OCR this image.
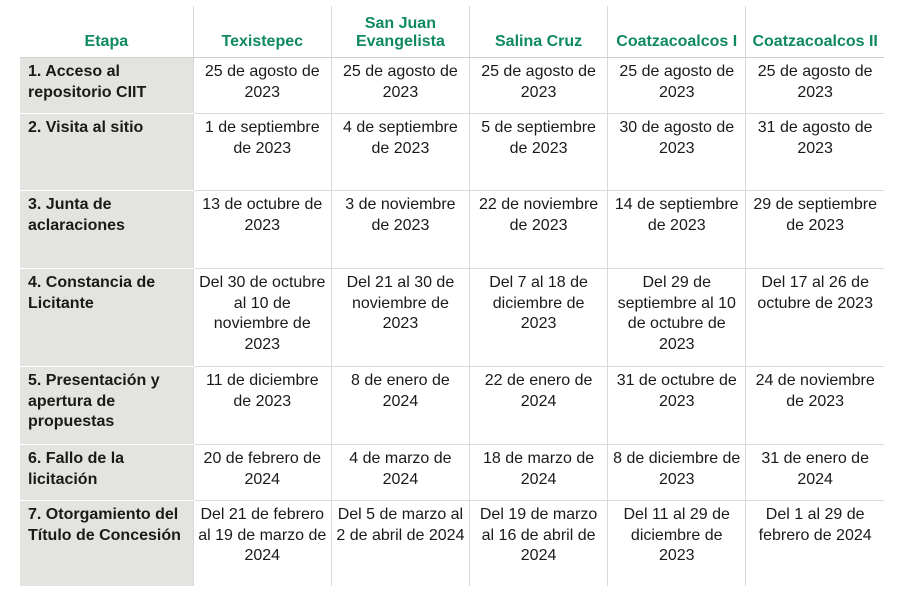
Etapa	Texistepec	San Juan Evangelista	Salina Cruz	Coatzacoalcos I	Coatzacoalcos II
1. Acceso al repositorio CIIT	25 de agosto de 2023	25 de agosto de 2023	25 de agosto de 2023	25 de agosto de 2023	25 de agosto de 2023
2. Visita al sitio	1 de septiembre de 2023	4 de septiembre de 2023	5 de septiembre de 2023	30 de agosto de 2023	31 de agosto de 2023
3. Junta de aclaraciones	13 de octubre de 2023	3 de noviembre de 2023	22 de noviembre de 2023	14 de septiembre de 2023	29 de septiembre de 2023
4. Constancia de Licitante	Del 30 de octubre al 10 de noviembre de 2023	Del 21 al 30 de noviembre de 2023	Del 7 al 18 de diciembre de 2023	Del 29 de septiembre al 10 de octubre de 2023	Del 17 al 26 de octubre de 2023
5. Presentación y apertura de propuestas	11 de diciembre de 2023	8 de enero de 2024	22 de enero de 2024	31 de octubre de 2023	24 de noviembre de 2023
6. Fallo de la licitación	20 de febrero de 2024	4 de marzo de 2024	18 de marzo de 2024	8 de diciembre de 2023	31 de enero de 2024
7. Otorgamiento del Título de Concesión	Del 21 de febrero al 19 de marzo de 2024	Del 5 de marzo al 2 de abril de 2024	Del 19 de marzo al 16 de abril de 2024	Del 11 al 29 de diciembre de 2023	Del 1 al 29 de febrero de 2024
